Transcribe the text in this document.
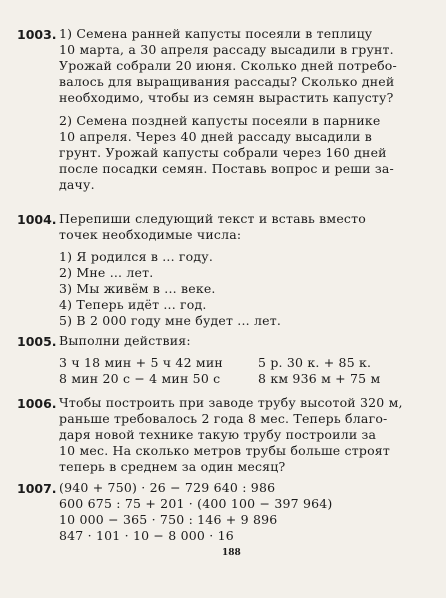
1003. 1) Семена ранней капусты посеяли в теплицу
10 марта, а 30 апреля рассаду высадили в грунт.
Урожай собрали 20 июня. Сколько дней потребо-
валось для выращивания рассады? Сколько дней
необходимо, чтобы из семян вырастить капусту?
2) Семена поздней капусты посеяли в парнике
10 апреля. Через 40 дней рассаду высадили в
грунт. Урожай капусты собрали через 160 дней
после посадки семян. Поставь вопрос и реши за-
дачу.
1004. Перепиши следующий текст и вставь вместо
точек необходимые числа:
1) Я родился в ... году.
2) Мне ... лет.
3) Мы живём в ... веке.
4) Теперь идёт ... год.
5) В 2 000 году мне будет ... лет.
1005. Выполни действия:
3 ч 18 мин + 5 ч 42 мин
8 мин 20 с − 4 мин 50 с
5 р. 30 к. + 85 к.
8 км 936 м + 75 м
1006. Чтобы построить при заводе трубу высотой 320 м,
раньше требовалось 2 года 8 мес. Теперь благо-
даря новой технике такую трубу построили за
10 мес. На сколько метров трубы больше строят
теперь в среднем за один месяц?
1007. (940 + 750) · 26 − 729 640 : 986
600 675 : 75 + 201 · (400 100 − 397 964)
10 000 − 365 · 750 : 146 + 9 896
847 · 101 · 10 − 8 000 · 16
188
